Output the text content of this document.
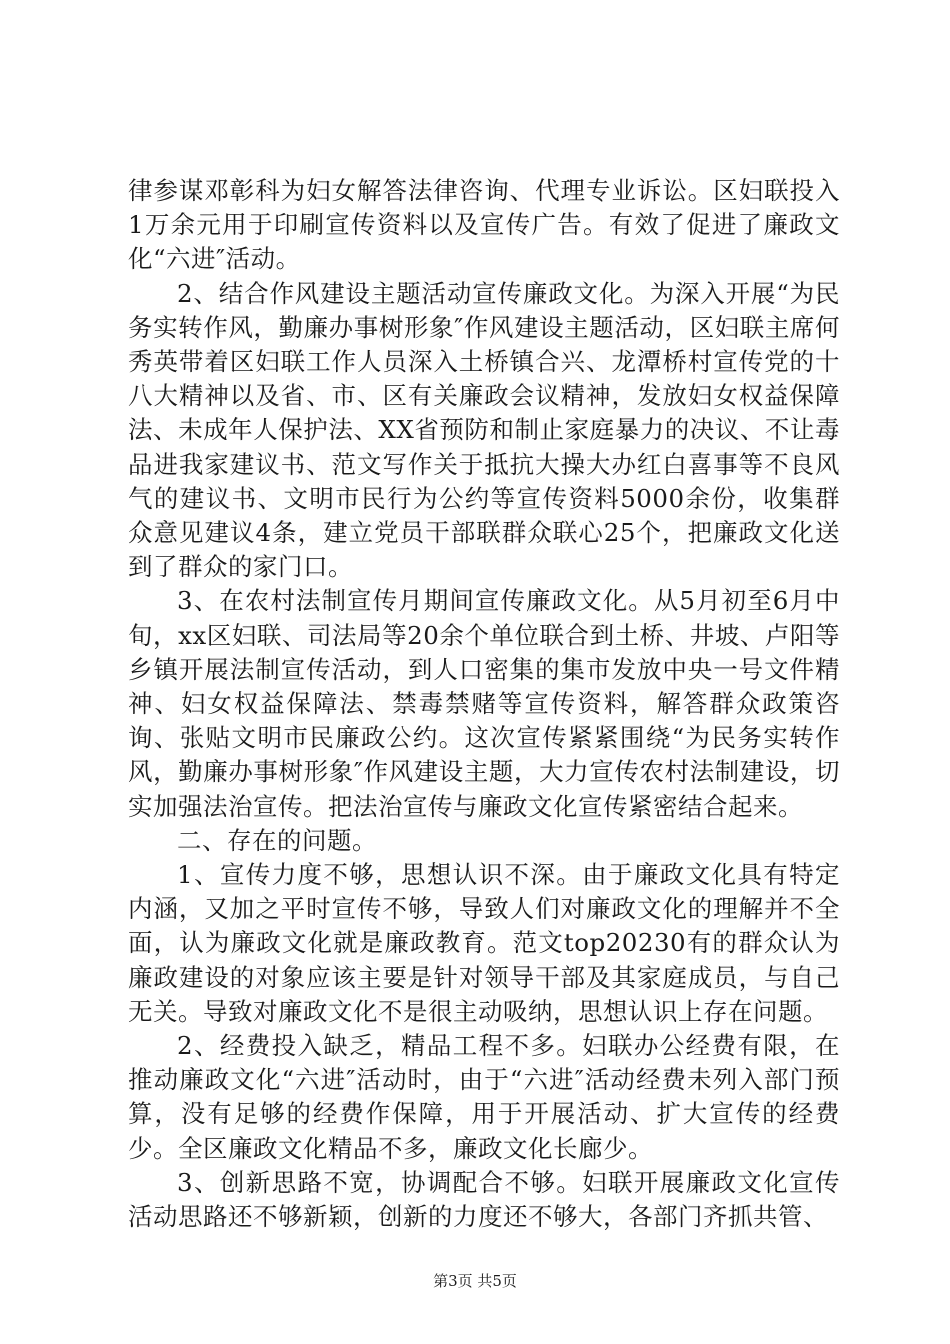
律参谋邓彰科为妇女解答法律咨询、代理专业诉讼。区妇联投入1万余元用于印刷宣传资料以及宣传广告。有效了促进了廉政文化“六进″活动。

2、结合作风建设主题活动宣传廉政文化。为深入开展“为民务实转作风，勤廉办事树形象″作风建设主题活动，区妇联主席何秀英带着区妇联工作人员深入土桥镇合兴、龙潭桥村宣传党的十八大精神以及省、市、区有关廉政会议精神，发放妇女权益保障法、未成年人保护法、XX省预防和制止家庭暴力的决议、不让毒品进我家建议书、范文写作关于抵抗大操大办红白喜事等不良风气的建议书、文明市民行为公约等宣传资料5000余份，收集群众意见建议4条，建立党员干部联群众联心25个，把廉政文化送到了群众的家门口。

3、在农村法制宣传月期间宣传廉政文化。从5月初至6月中旬，xx区妇联、司法局等20余个单位联合到土桥、井坡、卢阳等乡镇开展法制宣传活动，到人口密集的集市发放中央一号文件精神、妇女权益保障法、禁毒禁赌等宣传资料，解答群众政策咨询、张贴文明市民廉政公约。这次宣传紧紧围绕“为民务实转作风，勤廉办事树形象″作风建设主题，大力宣传农村法制建设，切实加强法治宣传。把法治宣传与廉政文化宣传紧密结合起来。

二、存在的问题。

1、宣传力度不够，思想认识不深。由于廉政文化具有特定内涵，又加之平时宣传不够，导致人们对廉政文化的理解并不全面，认为廉政文化就是廉政教育。范文top20230有的群众认为廉政建设的对象应该主要是针对领导干部及其家庭成员，与自己无关。导致对廉政文化不是很主动吸纳，思想认识上存在问题。

2、经费投入缺乏，精品工程不多。妇联办公经费有限，在推动廉政文化“六进″活动时，由于“六进″活动经费未列入部门预算，没有足够的经费作保障，用于开展活动、扩大宣传的经费少。全区廉政文化精品不多，廉政文化长廊少。

3、创新思路不宽，协调配合不够。妇联开展廉政文化宣传活动思路还不够新颖，创新的力度还不够大，各部门齐抓共管、

第3页 共5页
